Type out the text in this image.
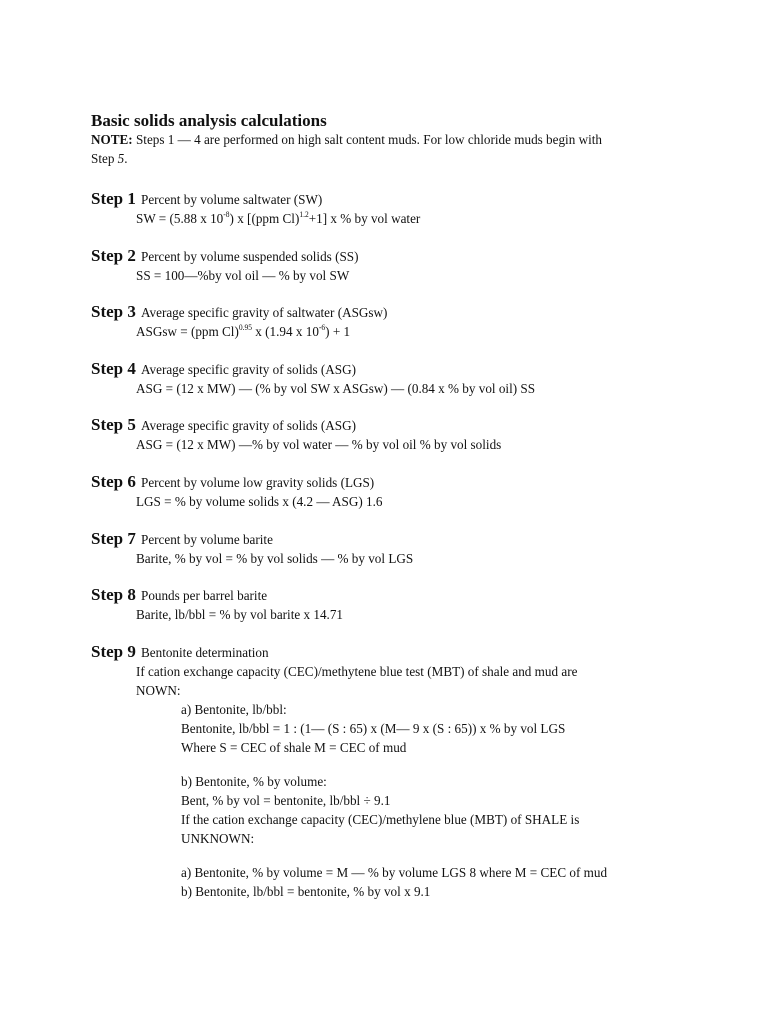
Basic solids analysis calculations
NOTE: Steps 1 — 4 are performed on high salt content muds. For low chloride muds begin with Step 5.
Step 1 Percent by volume saltwater (SW)
SW = (5.88 x $10^{-8}$) x [(ppm Cl)$^{1.2}$+1] x % by vol water
Step 2 Percent by volume suspended solids (SS)
SS = 100—%by vol oil — % by vol SW
Step 3 Average specific gravity of saltwater (ASGsw)
ASGsw = (ppm Cl)$^{0.95}$ x (1.94 x $10^{-6}) + 1$
Step 4 Average specific gravity of solids (ASG)
ASG = (12 x MW) — (% by vol SW x ASGsw) — (0.84 x % by vol oil) SS
Step 5 Average specific gravity of solids (ASG)
ASG = (12 x MW) —% by vol water — % by vol oil % by vol solids
Step 6 Percent by volume low gravity solids (LGS)
LGS = % by volume solids x (4.2 — ASG) 1.6
Step 7 Percent by volume barite
Barite, % by vol = % by vol solids — % by vol LGS
Step 8 Pounds per barrel barite
Barite, lb/bbl = % by vol barite x 14.71
Step 9 Bentonite determination
If cation exchange capacity (CEC)/methytene blue test (MBT) of shale and mud are
NOWN:
a) Bentonite, lb/bbl:
Bentonite, lb/bbl = 1 : (1— (S : 65) x (M— 9 x (S : 65)) x % by vol LGS
Where S = CEC of shale M = CEC of mud
b) Bentonite, % by volume:
Bent, % by vol = bentonite, lb/bbl ÷ 9.1
If the cation exchange capacity (CEC)/methylene blue (MBT) of SHALE is
UNKNOWN:
a) Bentonite, % by volume = M — % by volume LGS 8 where M = CEC of mud
b) Bentonite, lb/bbl = bentonite, % by vol x 9.1
